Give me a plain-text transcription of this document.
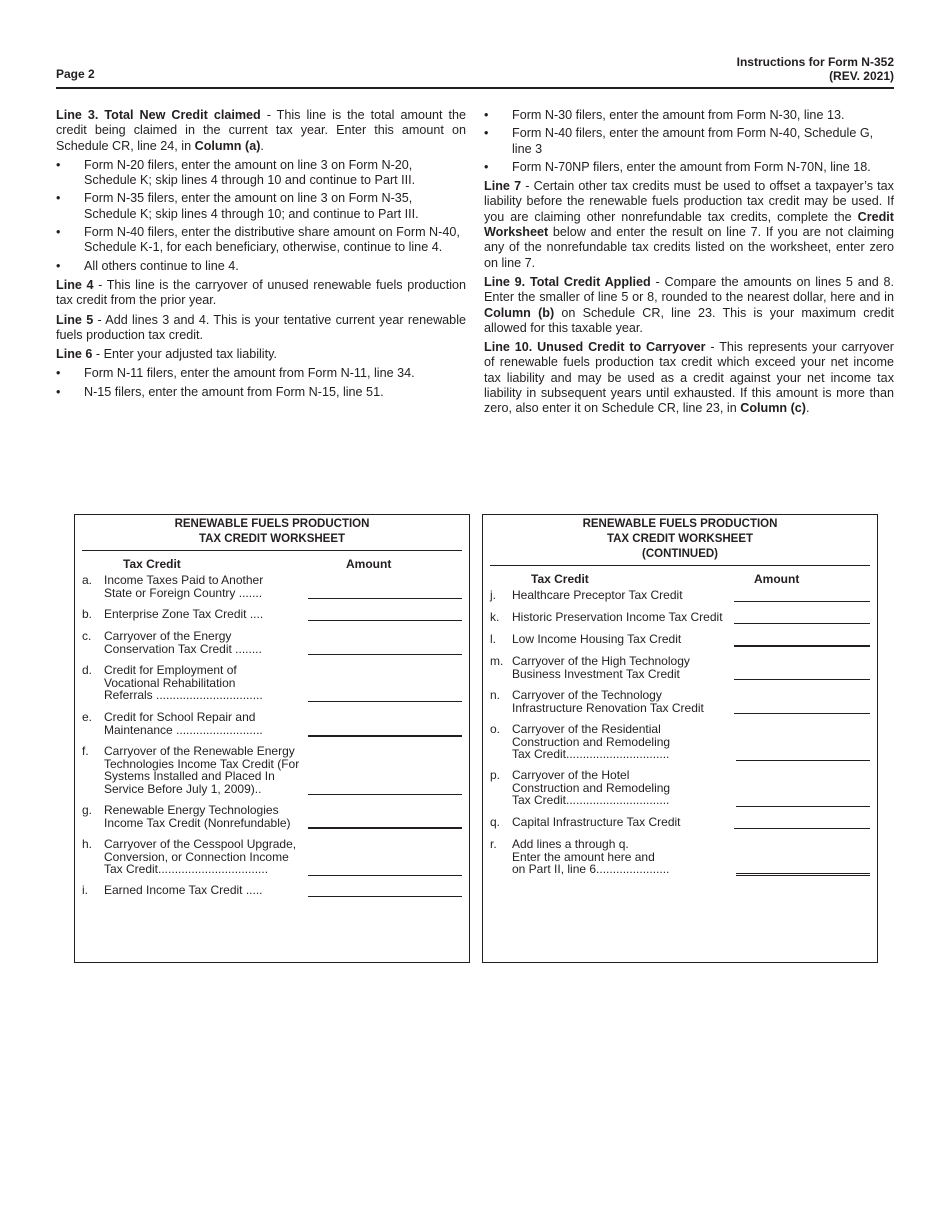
Page 2
Instructions for Form N-352
(REV. 2021)

Line 3. Total New Credit claimed - This line is the total amount the credit being claimed in the current tax year. Enter this amount on Schedule CR, line 24, in Column (a).

• Form N-20 filers, enter the amount on line 3 on Form N-20, Schedule K; skip lines 4 through 10 and continue to Part III.
• Form N-35 filers, enter the amount on line 3 on Form N-35, Schedule K; skip lines 4 through 10; and continue to Part III.
• Form N-40 filers, enter the distributive share amount on Form N-40, Schedule K-1, for each beneficiary, otherwise, continue to line 4.
• All others continue to line 4.

Line 4 - This line is the carryover of unused renewable fuels production tax credit from the prior year.

Line 5 - Add lines 3 and 4. This is your tentative current year renewable fuels production tax credit.

Line 6 - Enter your adjusted tax liability.

• Form N-11 filers, enter the amount from Form N-11, line 34.
• N-15 filers, enter the amount from Form N-15, line 51.
• Form N-30 filers, enter the amount from Form N-30, line 13.
• Form N-40 filers, enter the amount from Form N-40, Schedule G, line 3
• Form N-70NP filers, enter the amount from Form N-70N, line 18.

Line 7 - Certain other tax credits must be used to offset a taxpayer’s tax liability before the renewable fuels production tax credit may be used. If you are claiming other nonrefundable tax credits, complete the Credit Worksheet below and enter the result on line 7. If you are not claiming any of the nonrefundable tax credits listed on the worksheet, enter zero on line 7.

Line 9. Total Credit Applied - Compare the amounts on lines 5 and 8. Enter the smaller of line 5 or 8, rounded to the nearest dollar, here and in Column (b) on Schedule CR, line 23. This is your maximum credit allowed for this taxable year.

Line 10. Unused Credit to Carryover - This represents your carryover of renewable fuels production tax credit which exceed your net income tax liability and may be used as a credit against your net income tax liability in subsequent years until exhausted. If this amount is more than zero, also enter it on Schedule CR, line 23, in Column (c).

RENEWABLE FUELS PRODUCTION
TAX CREDIT WORKSHEET
Tax Credit	Amount
a. Income Taxes Paid to Another
State or Foreign Country .......
b. Enterprise Zone Tax Credit ....
c. Carryover of the Energy
Conservation Tax Credit ........
d. Credit for Employment of
Vocational Rehabilitation
Referrals ................................
e. Credit for School Repair and
Maintenance ..........................
f. Carryover of the Renewable Energy
Technologies Income Tax Credit (For
Systems Installed and Placed In
Service Before July 1, 2009)..
g. Renewable Energy Technologies
Income Tax Credit (Nonrefundable)
h. Carryover of the Cesspool Upgrade,
Conversion, or Connection Income
Tax Credit.................................
i. Earned Income Tax Credit .....
RENEWABLE FUELS PRODUCTION
TAX CREDIT WORKSHEET
(CONTINUED)
Tax Credit	Amount
j. Healthcare Preceptor Tax Credit
k. Historic Preservation Income Tax Credit
l. Low Income Housing Tax Credit
m. Carryover of the High Technology
Business Investment Tax Credit
n. Carryover of the Technology
Infrastructure Renovation Tax Credit
o. Carryover of the Residential
Construction and Remodeling
Tax Credit...............................
p. Carryover of the Hotel
Construction and Remodeling
Tax Credit...............................
q. Capital Infrastructure Tax Credit
r. Add lines a through q.
Enter the amount here and
on Part II, line 6......................
